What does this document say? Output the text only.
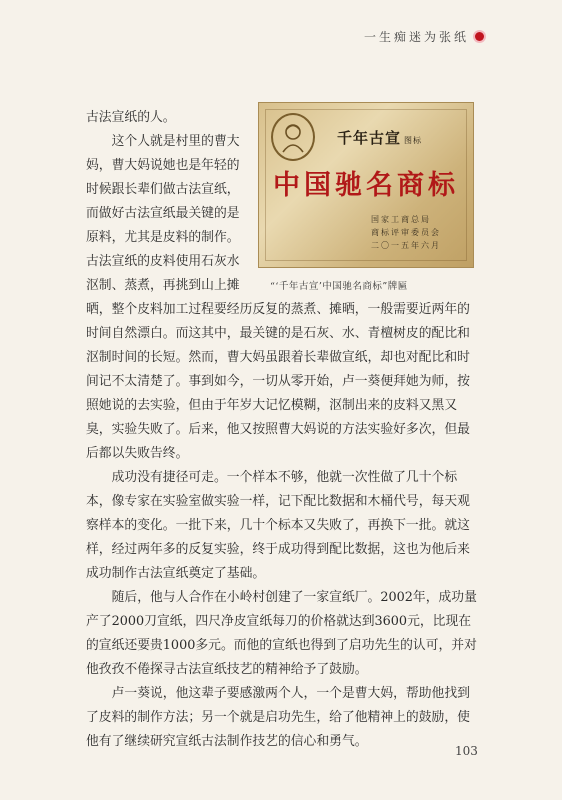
一生痴迷为张纸

古法宣纸的人。

这个人就是村里的曹大妈，曹大妈说她也是年轻的时候跟长辈们做古法宣纸，而做好古法宣纸最关键的是原料，尤其是皮料的制作。古法宣纸的皮料使用石灰水沤制、蒸煮，再挑到山上摊

千年古宣 图标
中国驰名商标
国家工商总局
商标评审委员会
二〇一五年六月
“‘千年古宣’中国驰名商标”牌匾

晒，整个皮料加工过程要经历反复的蒸煮、摊晒，一般需要近两年的时间自然漂白。而这其中，最关键的是石灰、水、青檀树皮的配比和沤制时间的长短。然而，曹大妈虽跟着长辈做宣纸，却也对配比和时间记不太清楚了。事到如今，一切从零开始，卢一葵便拜她为师，按照她说的去实验，但由于年岁大记忆模糊，沤制出来的皮料又黑又臭，实验失败了。后来，他又按照曹大妈说的方法实验好多次，但最后都以失败告终。

成功没有捷径可走。一个样本不够，他就一次性做了几十个标本，像专家在实验室做实验一样，记下配比数据和木桶代号，每天观察样本的变化。一批下来，几十个标本又失败了，再换下一批。就这样，经过两年多的反复实验，终于成功得到配比数据，这也为他后来成功制作古法宣纸奠定了基础。

随后，他与人合作在小岭村创建了一家宣纸厂。2002年，成功量产了2000刀宣纸，四尺净皮宣纸每刀的价格就达到3600元，比现在的宣纸还要贵1000多元。而他的宣纸也得到了启功先生的认可，并对他孜孜不倦探寻古法宣纸技艺的精神给予了鼓励。

卢一葵说，他这辈子要感激两个人，一个是曹大妈，帮助他找到了皮料的制作方法；另一个就是启功先生，给了他精神上的鼓励，使他有了继续研究宣纸古法制作技艺的信心和勇气。

103
